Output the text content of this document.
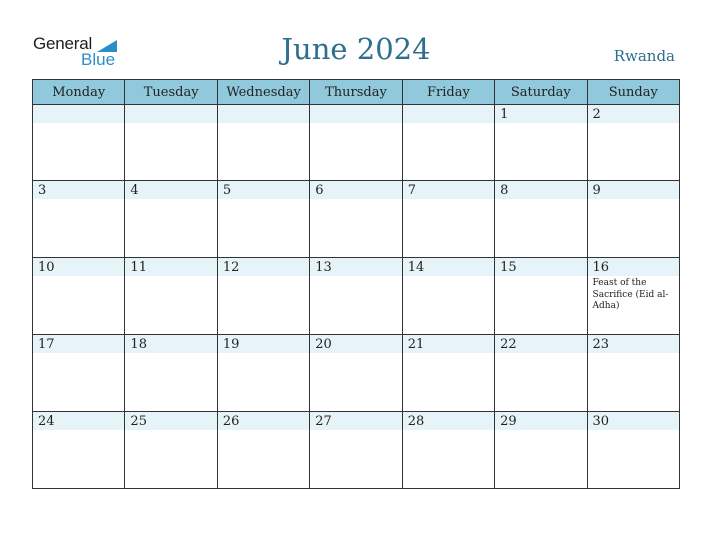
General
Blue	June 2024	Rwanda
Monday	Tuesday	Wednesday	Thursday	Friday	Saturday	Sunday

					1	2

3	4	5	6	7	8	9

10	11	12	13	14	15	16
Feast of the Sacrifice (Eid al-Adha)

17	18	19	20	21	22	23

24	25	26	27	28	29	30
